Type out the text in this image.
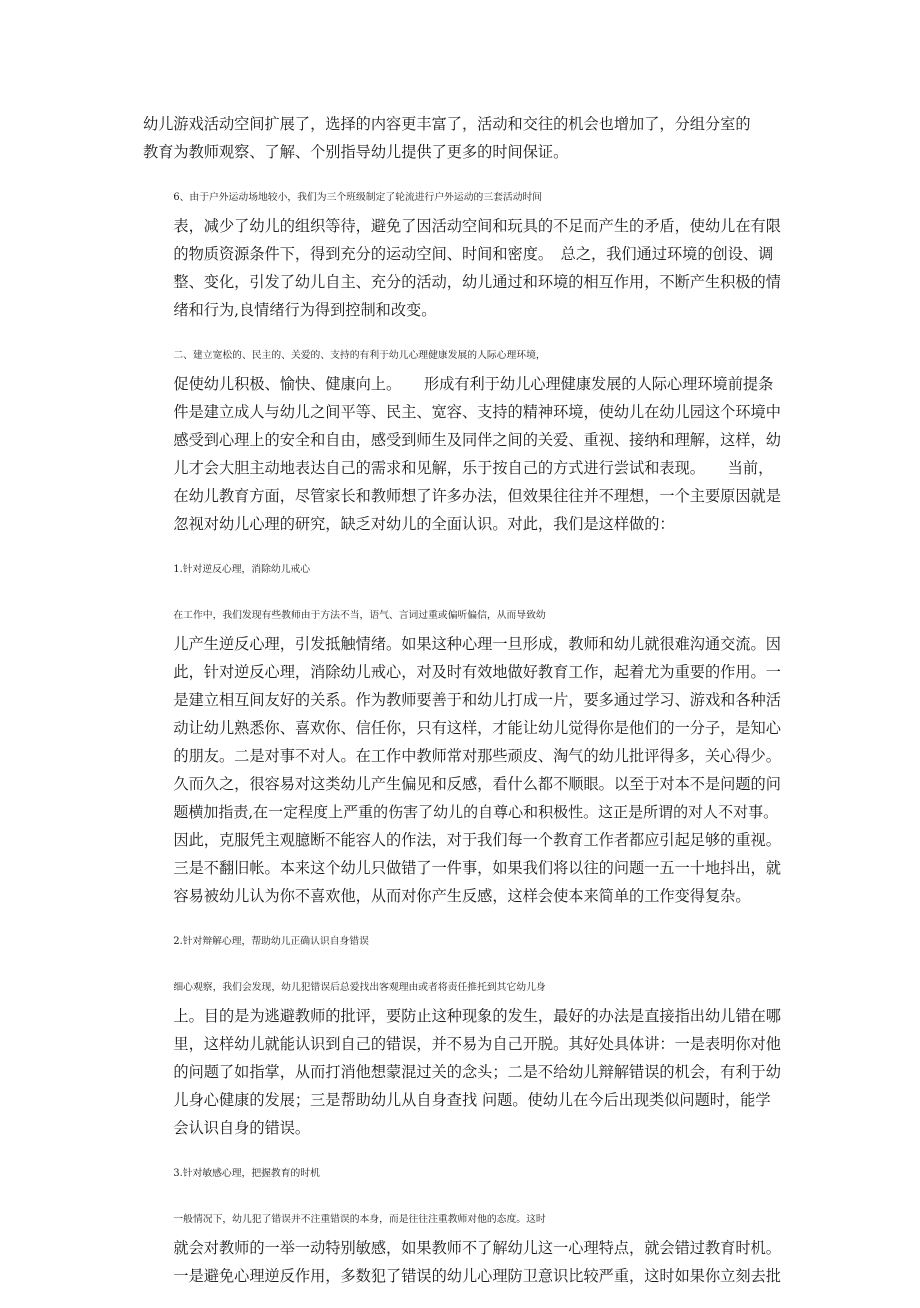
幼儿游戏活动空间扩展了，选择的内容更丰富了，活动和交往的机会也增加了，分组分室的
教育为教师观察、了解、个别指导幼儿提供了更多的时间保证。
6、由于户外运动场地较小，我们为三个班级制定了轮流进行户外运动的三套活动时间
表，减少了幼儿的组织等待，避免了因活动空间和玩具的不足而产生的矛盾，使幼儿在有限
的物质资源条件下，得到充分的运动空间、时间和密度。　总之，我们通过环境的创设、调
整、变化，引发了幼儿自主、充分的活动，幼儿通过和环境的相互作用，不断产生积极的情
绪和行为,良情绪行为得到控制和改变。
二、建立宽松的、民主的、关爱的、支持的有利于幼儿心理健康发展的人际心理环境，
促使幼儿积极、愉快、健康向上。　　形成有利于幼儿心理健康发展的人际心理环境前提条
件是建立成人与幼儿之间平等、民主、宽容、支持的精神环境，使幼儿在幼儿园这个环境中
感受到心理上的安全和自由，感受到师生及同伴之间的关爱、重视、接纳和理解，这样，幼
儿才会大胆主动地表达自己的需求和见解，乐于按自己的方式进行尝试和表现。　　当前，
在幼儿教育方面，尽管家长和教师想了许多办法，但效果往往并不理想，一个主要原因就是
忽视对幼儿心理的研究，缺乏对幼儿的全面认识。对此，我们是这样做的：
1.针对逆反心理，消除幼儿戒心
在工作中，我们发现有些教师由于方法不当，语气、言词过重或偏听偏信，从而导致幼
儿产生逆反心理，引发抵触情绪。如果这种心理一旦形成，教师和幼儿就很难沟通交流。因
此，针对逆反心理，消除幼儿戒心，对及时有效地做好教育工作，起着尤为重要的作用。一
是建立相互间友好的关系。作为教师要善于和幼儿打成一片，要多通过学习、游戏和各种活
动让幼儿熟悉你、喜欢你、信任你，只有这样，才能让幼儿觉得你是他们的一分子，是知心
的朋友。二是对事不对人。在工作中教师常对那些顽皮、淘气的幼儿批评得多，关心得少。
久而久之，很容易对这类幼儿产生偏见和反感，看什么都不顺眼。以至于对本不是问题的问
题横加指责,在一定程度上严重的伤害了幼儿的自尊心和积极性。这正是所谓的对人不对事。
因此，克服凭主观臆断不能容人的作法，对于我们每一个教育工作者都应引起足够的重视。
三是不翻旧帐。本来这个幼儿只做错了一件事，如果我们将以往的问题一五一十地抖出，就
容易被幼儿认为你不喜欢他，从而对你产生反感，这样会使本来简单的工作变得复杂。
2.针对辩解心理，帮助幼儿正确认识自身错误
细心观察，我们会发现，幼儿犯错误后总爱找出客观理由或者将责任推托到其它幼儿身
上。目的是为逃避教师的批评，要防止这种现象的发生，最好的办法是直接指出幼儿错在哪
里，这样幼儿就能认识到自己的错误，并不易为自己开脱。其好处具体讲：一是表明你对他
的问题了如指掌，从而打消他想蒙混过关的念头；二是不给幼儿辩解错误的机会，有利于幼
儿身心健康的发展；三是帮助幼儿从自身查找 问题。使幼儿在今后出现类似问题时，能学
会认识自身的错误。
3.针对敏感心理，把握教育的时机
一般情况下，幼儿犯了错误并不注重错误的本身，而是往往注重教师对他的态度。这时
就会对教师的一举一动特别敏感，如果教师不了解幼儿这一心理特点，就会错过教育时机。
一是避免心理逆反作用，多数犯了错误的幼儿心理防卫意识比较严重，这时如果你立刻去批
